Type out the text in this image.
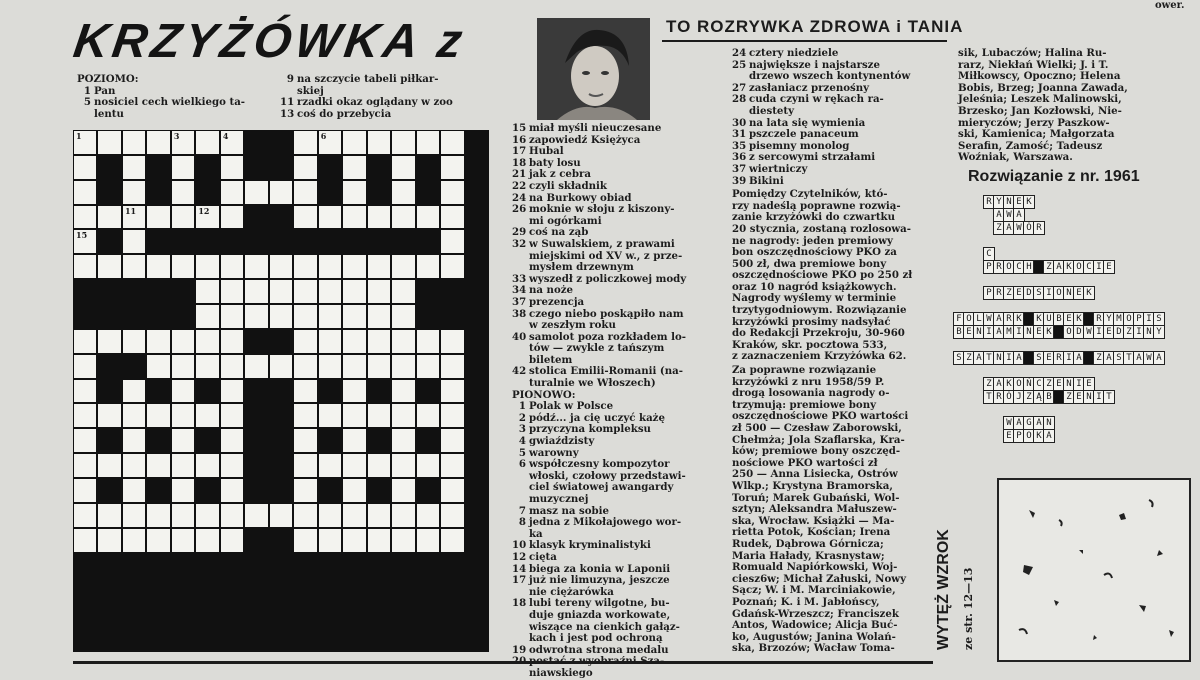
ower.
KRZYŻÓWKA z	TO ROZRYWKA ZDROWA i TANIA
POZIOMO:
1 Pan
5 nosiciel cech wielkiego ta-
lentu
9 na szczycie tabeli piłkar-
skiej
11 rzadki okaz oglądany w zoo
13 coś do przebycia
1	3	4	6
11	12
15
15 miał myśli nieuczesane
16 zapowiedź Księżyca
17 Hubal
18 baty losu
21 jak z cebra
22 czyli składnik
24 na Burkowy obiad
26 moknie w słoju z kiszony-
mi ogórkami
29 coś na ząb
32 w Suwalskiem, z prawami
miejskimi od XV w., z prze-
mysłem drzewnym
33 wyszedł z policzkowej mody
34 na noże
37 prezencja
38 czego niebo poskąpiło nam
w zeszłym roku
40 samolot poza rozkładem lo-
tów — zwykle z tańszym
biletem
42 stolica Emilii-Romanii (na-
turalnie we Włoszech)
PIONOWO:
1 Polak w Polsce
2 pódź... ja cię uczyć każę
3 przyczyna kompleksu
4 gwiaździsty
5 warowny
6 współczesny kompozytor
włoski, czołowy przedstawi-
ciel światowej awangardy
muzycznej
7 masz na sobie
8 jedna z Mikołajowego wor-
ka
10 klasyk kryminalistyki
12 cięta
14 biega za konia w Laponii
17 już nie limuzyna, jeszcze
nie ciężarówka
18 lubi tereny wilgotne, bu-
duje gniazda workowate,
wiszące na cienkich gałąz-
kach i jest pod ochroną
19 odwrotna strona medalu
niawskiego
24 cztery niedziele
25 największe i najstarsze
drzewo wszech kontynentów
27 zasłaniacz przenośny
28 cuda czyni w rękach ra-
diestety
30 na lata się wymienia
31 pszczele panaceum
35 pisemny monolog
36 z sercowymi strzałami
37 wiertniczy
39 Bikini
Pomiędzy Czytelników, któ-
rzy nadeślą poprawne rozwią-
zanie krzyżówki do czwartku
20 stycznia, zostaną rozlosowa-
ne nagrody: jeden premiowy
bon oszczędnościowy PKO za
500 zł, dwa premiowe bony
oszczędnościowe PKO po 250 zł
oraz 10 nagród książkowych.
Nagrody wyślemy w terminie
trzytygodniowym. Rozwiązanie
krzyżówki prosimy nadsyłać
do Redakcji Przekroju, 30-960
Kraków, skr. pocztowa 533,
z zaznaczeniem Krzyżówka 62.
Za poprawne rozwiązanie
krzyżówki z nru 1958/59 P.
drogą losowania nagrody o-
trzymują: premiowe bony
oszczędnościowe PKO wartości
zł 500 — Czesław Zaborowski,
Chełmża; Jola Szaflarska, Kra-
ków; premiowe bony oszczęd-
nościowe PKO wartości zł
250 — Anna Lisiecka, Ostrów
Wlkp.; Krystyna Bramorska,
Toruń; Marek Gubański, Wol-
sztyn; Aleksandra Małuszew-
ska, Wrocław. Książki — Ma-
rietta Potok, Kościan; Irena
Rudek, Dąbrowa Górnicza;
Maria Hałady, Krasnystaw;
Romuald Napiórkowski, Woj-
ciesz6w; Michał Załuski, Nowy
Sącz; W. i M. Marciniakowie,
Poznań; K. i M. Jabłońscy,
Gdańsk-Wrzeszcz; Franciszek
Antos, Wadowice; Alicja Buć-
ko, Augustów; Janina Wolań-
ska, Brzozów; Wacław Toma-
sik, Lubaczów; Halina Ru-
rarz, Niekłań Wielki; J. i T.
Miłkowscy, Opoczno; Helena
Bobis, Brzeg; Joanna Zawada,
Jeleśnia; Leszek Malinowski,
Brzesko; Jan Kozłowski, Nie-
mieryczów; Jerzy Paszkow-
ski, Kamienica; Małgorzata
Serafin, Zamość; Tadeusz
Woźniak, Warszawa.
Rozwiązanie z nr. 1961
R Y N E K
A W A
Z A W Ó R
C
P R O C H	Z A K O C I E
P R Z E D S I O N E K
F O L W A R K	K U B E K	R Y M O P I S
B E N I A M I N E K	O D W I E D Z I N Y
S Z A T N I A	S E R I A	Z A S T A W A
Z A K O Ń C Z E N I E
T R Ó J Z Ą B	Z E N I T
W A G A N
E P O K A
WYTĘŻ WZROK ze str. 12—13
